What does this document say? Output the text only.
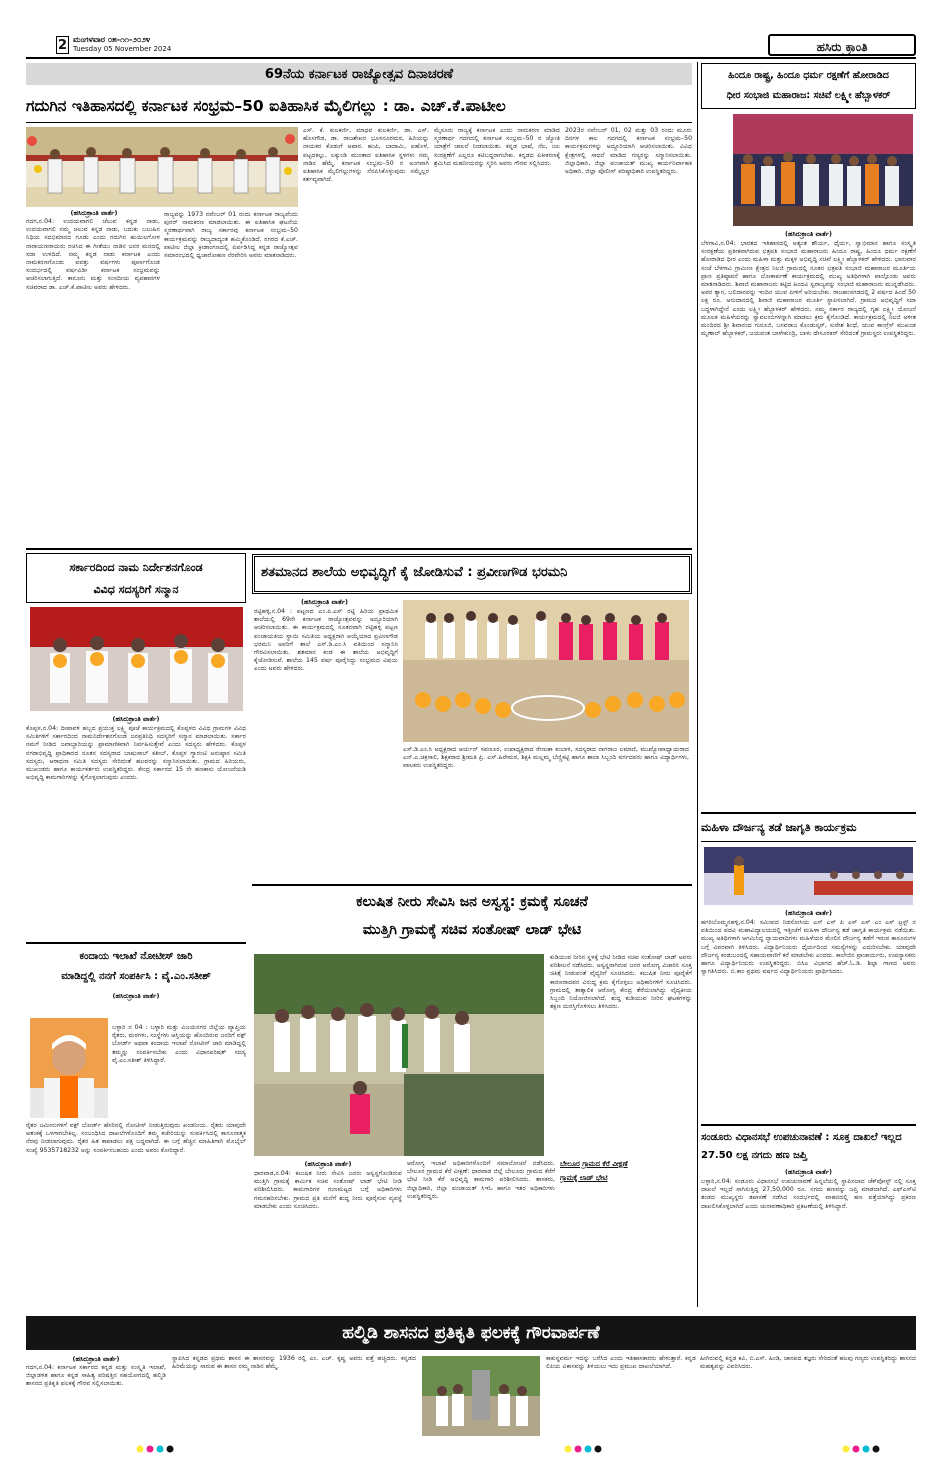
2 ಮಂಗಳವಾರ ೦೫-೧೧-೨೦೨೪
Tuesday 05 November 2024	ಹಸಿರು ಕ್ರಾಂತಿ
69ನೆಯ ಕರ್ನಾಟಕ ರಾಜ್ಯೋತ್ಸವ ದಿನಾಚರಣೆ
ಗದುಗಿನ ಇತಿಹಾಸದಲ್ಲಿ ಕರ್ನಾಟಕ ಸಂಭ್ರಮ–50 ಐತಿಹಾಸಿಕ ಮೈಲಿಗಲ್ಲು : ಡಾ. ಎಚ್.ಕೆ.ಪಾಟೀಲ
(ಹಸಿರುಕ್ರಾಂತಿ ವಾರ್ತೆ)
ಗದಗ,ನ.04: ಉದಯವಾಗಲಿ ಚೆಲುವ ಕನ್ನಡ ನಾಡು, ಉದಯವಾಗಲಿ ನಮ್ಮ ಚಲುವ ಕನ್ನಡ ನಾಡು, ಬದುಕು ಬಲುಹಿನ ನಿಧಿಯ ಸದಭಿಮಾನದ ಗೂಡು ಎಂದು ಗದುಗಿನ ಹುಯಿಲಗೋಳ ನಾರಾಯಣರಾಯರು ರಚಿಸಿದ ಈ ಗೀತೆಯು ನಾಡಿನ ಜನರ ಮನದಲ್ಲಿ ಸದಾ ಉಳಿದಿದೆ. ನಮ್ಮ ಕನ್ನಡ ನಾಡು ಕರ್ನಾಟಕ ಎಂದು ನಾಮಕರಣಗೊಂಡು ಐವತ್ತು ವರ್ಷಗಳು ಪೂರ್ಣಗೊಂಡ ಸಂದರ್ಭದಲ್ಲಿ ವರ್ಷವಿಡೀ ಕರ್ನಾಟಕ ಸಂಭ್ರಮವನ್ನು ಆಚರಿಸಲಾಗುತ್ತಿದೆ. ಕಾನೂನು ಮತ್ತು ಸಂಸದೀಯ ವ್ಯವಹಾರಗಳ ಸಚಿವರಾದ ಡಾ. ಎಚ್.ಕೆ.ಪಾಟೀಲ ಅವರು ಹೇಳಿದರು.
ರಾಜ್ಯವನ್ನು 1973 ನವೆಂಬರ್ 01 ರಂದು ಕರ್ನಾಟಕ ರಾಜ್ಯವೆಂದು ಪುನರ್ ನಾಮಕರಣ ಮಾಡಲಾಯಿತು. ಈ ಐತಿಹಾಸಿಕ ಘಟನೆಯ ಸ್ಮರಣಾರ್ಥವಾಗಿ ರಾಜ್ಯ ಸರ್ಕಾರವು ಕರ್ನಾಟಕ ಸಂಭ್ರಮ–50 ಕಾರ್ಯಕ್ರಮವನ್ನು ರಾಜ್ಯದಾದ್ಯಂತ ಹಮ್ಮಿಕೊಂಡಿದೆ. ನಗರದ ಕೆ.ಎಚ್. ಪಾಟೀಲ ಜಿಲ್ಲಾ ಕ್ರೀಡಾಂಗಣದಲ್ಲಿ ಏರ್ಪಡಿಸಿದ್ದ ಕನ್ನಡ ರಾಜ್ಯೋತ್ಸವ ಸಮಾರಂಭದಲ್ಲಿ ಧ್ವಜಾರೋಹಣ ನೆರವೇರಿಸಿ ಅವರು ಮಾತನಾಡಿದರು.
ಎಸ್. ಕೆ. ಕುಲಕರ್ಣಿ, ಮಾಧವ ಕುಲಕರ್ಣಿ, ಡಾ. ಎಸ್. ಹೊಸಗೌಡ, ಡಾ. ರಾಜಶೇಖರ ಭೂಸನೂರಮಠ, ಹಿರಿಯನ್ನು ನಾಯಕರ ಕೊಡುಗೆ ಅಪಾರ. ಹಂಪಿ, ಬಾದಾಮಿ, ಐಹೊಳೆ, ಪಟ್ಟದಕಲ್ಲು, ಲಕ್ಕುಂಡಿ ಮುಂತಾದ ಐತಿಹಾಸಿಕ ಸ್ಥಳಗಳು ನಮ್ಮ ನಾಡಿನ ಹೆಮ್ಮೆ. ಕರ್ನಾಟಕ ಸಂಭ್ರಮ–50 ರ ಅಂಗವಾಗಿ ಐತಿಹಾಸಿಕ ಮೈಲಿಗಲ್ಲುಗಳನ್ನು ನೆನಪಿಸಿಕೊಳ್ಳುವುದು ನಮ್ಮೆಲ್ಲರ ಕರ್ತವ್ಯವಾಗಿದೆ.
ಮೈಸೂರು ರಾಜ್ಯಕ್ಕೆ ಕರ್ನಾಟಕ ಎಂದು ನಾಮಕರಣ ಮಾಡಿದ ಸ್ಮರಣಾರ್ಥ ಗದಗದಲ್ಲಿ ಕರ್ನಾಟಕ ಸಂಭ್ರಮ–50 ರ ಜ್ಯೋತಿ ಯಾತ್ರೆಗೆ ಚಾಲನೆ ನೀಡಲಾಯಿತು. ಕನ್ನಡ ಭಾಷೆ, ನೆಲ, ಜಲ ಸಂರಕ್ಷಣೆಗೆ ಎಲ್ಲರೂ ಕಟಿಬದ್ಧರಾಗಬೇಕು. ಕನ್ನಡದ ಏಕೀಕರಣಕ್ಕೆ ಶ್ರಮಿಸಿದ ಮಹನೀಯರನ್ನು ಸ್ಮರಿಸಿ ಅವರು ಗೌರವ ಸಲ್ಲಿಸಿದರು.
2023ರ ನವೆಂಬರ್ 01, 02 ಮತ್ತು 03 ರಂದು ಮೂರು ದಿನಗಳ ಕಾಲ ಗದಗದಲ್ಲಿ ಕರ್ನಾಟಕ ಸಂಭ್ರಮ–50 ಕಾರ್ಯಕ್ರಮಗಳನ್ನು ಅದ್ದೂರಿಯಾಗಿ ಆಚರಿಸಲಾಯಿತು. ವಿವಿಧ ಕ್ಷೇತ್ರಗಳಲ್ಲಿ ಸಾಧನೆ ಮಾಡಿದ ಗಣ್ಯರನ್ನು ಸನ್ಮಾನಿಸಲಾಯಿತು. ಜಿಲ್ಲಾಧಿಕಾರಿ, ಜಿಲ್ಲಾ ಪಂಚಾಯತ್ ಮುಖ್ಯ ಕಾರ್ಯನಿರ್ವಾಹಕ ಅಧಿಕಾರಿ, ಜಿಲ್ಲಾ ಪೊಲೀಸ್ ವರಿಷ್ಠಾಧಿಕಾರಿ ಉಪಸ್ಥಿತರಿದ್ದರು.
ಹಿಂದೂ ರಾಷ್ಟ್ರ, ಹಿಂದೂ ಧರ್ಮ ರಕ್ಷಣೆಗೆ ಹೋರಾಡಿದ
ಧೀರ ಸಂಭಾಜಿ ಮಹಾರಾಜ: ಸಚಿವೆ ಲಕ್ಷ್ಮೀ ಹೆಬ್ಬಾಳಕರ್
(ಹಸಿರುಕ್ರಾಂತಿ ವಾರ್ತೆ)
ಬೆಳಗಾವಿ,ನ.04: ಭಾರತದ ಇತಿಹಾಸದಲ್ಲಿ ಅತ್ಯಂತ ಶೌರ್ಯ, ಧೈರ್ಯ, ಸ್ವಾಭಿಮಾನ ಹಾಗೂ ಸಂಸ್ಕೃತಿ ಸಂರಕ್ಷಣೆಯ ಪ್ರತೀಕವಾಗಿರುವ ಛತ್ರಪತಿ ಸಂಭಾಜಿ ಮಹಾರಾಜರು ಹಿಂದೂ ರಾಷ್ಟ್ರ, ಹಿಂದೂ ಧರ್ಮ ರಕ್ಷಣೆಗೆ ಹೋರಾಡಿದ ಧೀರ ಎಂದು ಮಹಿಳಾ ಮತ್ತು ಮಕ್ಕಳ ಅಭಿವೃದ್ಧಿ ಸಚಿವೆ ಲಕ್ಷ್ಮೀ ಹೆಬ್ಬಾಳಕರ್ ಹೇಳಿದರು. ಭಾನುವಾರ ಸಂಜೆ ಬೆಳಗಾವಿ ಗ್ರಾಮೀಣ ಕ್ಷೇತ್ರದ ನಿಲಜಿ ಗ್ರಾಮದಲ್ಲಿ ನೂತನ ಛತ್ರಪತಿ ಸಂಭಾಜಿ ಮಹಾರಾಜರ ಮೂರ್ತಿಯ ಪ್ರಾಣ ಪ್ರತಿಷ್ಠಾಪನೆ ಹಾಗೂ ಲೋಕಾರ್ಪಣೆ ಕಾರ್ಯಕ್ರಮದಲ್ಲಿ ಮುಖ್ಯ ಅತಿಥಿಗಳಾಗಿ ಪಾಲ್ಗೊಂಡು ಅವರು ಮಾತನಾಡಿದರು. ಶಿವಾಜಿ ಮಹಾರಾಜರು ಕಟ್ಟಿದ ಹಿಂದವಿ ಸ್ವರಾಜ್ಯವನ್ನು ಸಂಭಾಜಿ ಮಹಾರಾಜರು ಮುನ್ನಡೆಸಿದರು. ಅವರ ತ್ಯಾಗ, ಬಲಿದಾನವನ್ನು ಇಂದಿನ ಯುವ ಪೀಳಿಗೆ ಅರಿಯಬೇಕು. ರಾಜಹಂಸಗಡದಲ್ಲಿ 2 ವರ್ಷದ ಹಿಂದೆ 50 ಲಕ್ಷ ರೂ. ಅನುದಾನದಲ್ಲಿ ಶಿವಾಜಿ ಮಹಾರಾಜರ ಮೂರ್ತಿ ಸ್ಥಾಪಿಸಲಾಗಿದೆ. ಗ್ರಾಮದ ಅಭಿವೃದ್ಧಿಗೆ ಸದಾ ಬದ್ಧಳಾಗಿದ್ದೇನೆ ಎಂದು ಲಕ್ಷ್ಮೀ ಹೆಬ್ಬಾಳಕರ್ ಹೇಳಿದರು. ನಮ್ಮ ಸರ್ಕಾರ ರಾಜ್ಯದಲ್ಲಿ ಗೃಹ ಲಕ್ಷ್ಮೀ ಯೋಜನೆ ಮೂಲಕ ಮಹಿಳೆಯರನ್ನು ಸ್ವಾವಲಂಬಿಗಳನ್ನಾಗಿ ಮಾಡಲು ಕ್ರಮ ಕೈಗೊಂಡಿದೆ. ಕಾರ್ಯಕ್ರಮದಲ್ಲಿ ನಿಲಜಿ ಅಳೀತ ಮಂದಿರದ ಶ್ರೀ ಶಿವಾನಂದ ಗುರೂಜಿ, ಬಸವರಾಜ ಕೊಂಡುಸ್ಕರ್, ಸುರೇಶ ಶಿಂಧೆ, ಯುವ ಕಾಂಗ್ರೆಸ್ ಮುಖಂಡ ಮೃಣಾಲ್ ಹೆಬ್ಬಾಳಕರ್, ಜಯವಂತ ಬಾಳೇಕುಂದ್ರಿ, ಬಾಳು ದೇಸೂರಕರ್ ಸೇರಿದಂತೆ ಗ್ರಾಮಸ್ಥರು ಉಪಸ್ಥಿತರಿದ್ದರು.
ಮಹಿಳಾ ದೌರ್ಜನ್ಯ ತಡೆ ಜಾಗೃತಿ ಕಾರ್ಯಕ್ರಮ
(ಹಸಿರುಕ್ರಾಂತಿ ವಾರ್ತೆ)
ಹಗರಿಬೊಮ್ಮನಹಳ್ಳಿ,ನ.04: ಸಮೀಪದ ನಿಡಸೋಸಿಯ ಎಸ್ ಎಸ್ ಪಿ ಎಸ್ ಎಸ್ ಎಂ ಎಸ್ ಟ್ರಸ್ಟ್ ನ ವತಿಯಿಂದ ಪದವಿ ಮಹಾವಿದ್ಯಾಲಯದಲ್ಲಿ ಇತ್ತೀಚೆಗೆ ಮಹಿಳಾ ದೌರ್ಜನ್ಯ ತಡೆ ಜಾಗೃತಿ ಕಾರ್ಯಕ್ರಮ ನಡೆಯಿತು. ಮುಖ್ಯ ಅತಿಥಿಗಳಾಗಿ ಆಗಮಿಸಿದ್ದ ನ್ಯಾಯವಾದಿಗಳು ಮಹಿಳೆಯರ ಮೇಲಿನ ದೌರ್ಜನ್ಯ ತಡೆಗೆ ಇರುವ ಕಾನೂನುಗಳ ಬಗ್ಗೆ ವಿವರವಾಗಿ ತಿಳಿಸಿದರು. ವಿದ್ಯಾರ್ಥಿನಿಯರು ಧೈರ್ಯದಿಂದ ಸಮಸ್ಯೆಗಳನ್ನು ಎದುರಿಸಬೇಕು. ಯಾವುದೇ ದೌರ್ಜನ್ಯ ಕಂಡುಬಂದಲ್ಲಿ ಸಹಾಯವಾಣಿಗೆ ಕರೆ ಮಾಡಬೇಕು ಎಂದರು. ಕಾಲೇಜಿನ ಪ್ರಾಚಾರ್ಯರು, ಉಪನ್ಯಾಸಕರು ಹಾಗೂ ವಿದ್ಯಾರ್ಥಿನಿಯರು ಉಪಸ್ಥಿತರಿದ್ದರು. ಬಿಸಿಎ ವಿಭಾಗದ ಹೆಚ್.ಓ.ಡಿ. ಶಿಲ್ಪಾ ಗಾಣದ ಅವರು ಸ್ವಾಗತಿಸಿದರು. ಬಿ.ಕಾಂ ಪ್ರಥಮ ವರ್ಷದ ವಿದ್ಯಾರ್ಥಿನಿಯರು ಪ್ರಾರ್ಥಿಸಿದರು.
ಸಂಡೂರು ವಿಧಾನಸಭೆ ಉಪಚುನಾವಣೆ : ಸೂಕ್ತ ದಾಖಲೆ ಇಲ್ಲದ 27.50 ಲಕ್ಷ ನಗದು ಹಣ ಜಪ್ತಿ
(ಹಸಿರುಕ್ರಾಂತಿ ವಾರ್ತೆ)
ಬಳ್ಳಾರಿ,ನ.04: ಸಂಡೂರು ವಿಧಾನಸಭೆ ಉಪಚುನಾವಣೆ ಹಿನ್ನಲೆಯಲ್ಲಿ ಸ್ಥಾಪಿಸಲಾದ ಚೆಕ್‍ಪೋಸ್ಟ್ ನಲ್ಲಿ ಸೂಕ್ತ ದಾಖಲೆ ಇಲ್ಲದೆ ಸಾಗಿಸುತ್ತಿದ್ದ 27,50,000 ರೂ. ನಗದು ಹಣವನ್ನು ಜಪ್ತಿ ಮಾಡಲಾಗಿದೆ. ಎಫ್‍ಎಸ್‍ಟಿ ತಂಡದ ಮುಖ್ಯಸ್ಥರು ತಪಾಸಣೆ ನಡೆಸಿದ ಸಂದರ್ಭದಲ್ಲಿ ವಾಹನದಲ್ಲಿ ಹಣ ಪತ್ತೆಯಾಗಿದ್ದು ಪ್ರಕರಣ ದಾಖಲಿಸಿಕೊಳ್ಳಲಾಗಿದೆ ಎಂದು ಚುನಾವಣಾಧಿಕಾರಿ ಪ್ರಕಟಣೆಯಲ್ಲಿ ತಿಳಿಸಿದ್ದಾರೆ.
ಸರ್ಕಾರದಿಂದ ನಾಮ ನಿರ್ದೇಶನಗೊಂಡ
ವಿವಿಧ ಸದಸ್ಯರಿಗೆ ಸನ್ಮಾನ
(ಹಸಿರುಕ್ರಾಂತಿ ವಾರ್ತೆ)
ಕೊಪ್ಪಳ,ನ.04: ದೀಪಾವಳಿ ಹಬ್ಬದ ಪ್ರಯುಕ್ತ ಲಕ್ಷ್ಮಿ ಪೂಜೆ ಕಾರ್ಯಕ್ರಮದಲ್ಲಿ ಕೊಪ್ಪಳದ ವಿವಿಧ ಗ್ರಾಮಗಳ ವಿವಿಧ ಸಮಿತಿಗಳಿಗೆ ಸರ್ಕಾರದಿಂದ ನಾಮನಿರ್ದೇಶನಗೊಂಡ ಜನಪ್ರತಿನಿಧಿ ಸದಸ್ಯರಿಗೆ ಸನ್ಮಾನ ಮಾಡಲಾಯಿತು. ಸರ್ಕಾರ ನಮಗೆ ನೀಡಿದ ಜವಾಬ್ದಾರಿಯನ್ನು ಪ್ರಾಮಾಣಿಕವಾಗಿ ನಿರ್ವಹಿಸುತ್ತೇವೆ ಎಂದು ಸದಸ್ಯರು ಹೇಳಿದರು. ಕೊಪ್ಪಳ ನಗರಾಭಿವೃದ್ಧಿ ಪ್ರಾಧಿಕಾರದ ನೂತನ ಸದಸ್ಯರಾದ ಬಾಷುಸಾಬ್ ಕತೀಬ್, ಕೊಪ್ಪಳ ಗ್ಯಾರಂಟಿ ಅನುಷ್ಠಾನ ಸಮಿತಿ ಸದಸ್ಯರು, ಆರಾಧನಾ ಸಮಿತಿ ಸದಸ್ಯರು ಸೇರಿದಂತೆ ಹಲವರನ್ನು ಸನ್ಮಾನಿಸಲಾಯಿತು. ಗ್ರಾಮದ ಹಿರಿಯರು, ಮುಖಂಡರು ಹಾಗೂ ಕಾರ್ಯಕರ್ತರು ಉಪಸ್ಥಿತರಿದ್ದರು. ಕೇಂದ್ರ ಸರ್ಕಾರದ 15 ನೇ ಹಣಕಾಸು ಯೋಜನೆಯಡಿ ಅಭಿವೃದ್ಧಿ ಕಾಮಗಾರಿಗಳನ್ನು ಕೈಗೊಳ್ಳಲಾಗುವುದು ಎಂದರು.
ಕಂದಾಯ ಇಲಾಖೆ ನೋಟೀಸ್ ಜಾರಿ
ಮಾಡಿದ್ದಲ್ಲಿ ನನಗೆ ಸಂಪರ್ಕಿಸಿ : ವೈ.ಎಂ.ಸತೀಶ್
(ಹಸಿರುಕ್ರಾಂತಿ ವಾರ್ತೆ)
ಬಳ್ಳಾರಿ ನ 04 : ಬಳ್ಳಾರಿ ಮತ್ತು ವಿಜಯನಗರ ಜಿಲ್ಲೆಯ ವ್ಯಾಪ್ತಿಯ ರೈತರು, ಮಠಗಳು, ಸಂಸ್ಥೆಗಳು ಆಸ್ತಿಯನ್ನು ಹೊಂದಿರುವ ಜನರಿಗೆ ವಕ್ಫ್ ಬೋರ್ಡ್ ಅಥವಾ ಕಂದಾಯ ಇಲಾಖೆ ನೋಟೀಸ್ ಜಾರಿ ಮಾಡಿದ್ದಲ್ಲಿ ತಮ್ಮನ್ನು ಸಂಪರ್ಕಿಸಬೇಕು ಎಂದು ವಿಧಾನಪರಿಷತ್ ಸದಸ್ಯ ವೈ.ಎಂ.ಸತೀಶ್ ತಿಳಿಸಿದ್ದಾರೆ.
ರೈತರ ಜಮೀನುಗಳಿಗೆ ವಕ್ಫ್ ಬೋರ್ಡ್ ಹೆಸರಿನಲ್ಲಿ ನೋಟೀಸ್ ನೀಡುತ್ತಿರುವುದು ಖಂಡನೀಯ. ರೈತರು ಯಾವುದೇ ಆತಂಕಕ್ಕೆ ಒಳಗಾಗಬೇಕಿಲ್ಲ. ಸಂಬಂಧಿಸಿದ ದಾಖಲೆಗಳೊಂದಿಗೆ ತಮ್ಮ ಕಚೇರಿಯನ್ನು ಸಂಪರ್ಕಿಸಿದಲ್ಲಿ ಕಾನೂನಾತ್ಮಕ ನೆರವು ನೀಡಲಾಗುವುದು. ರೈತರ ಹಿತ ಕಾಪಾಡಲು ಪಕ್ಷ ಬದ್ಧವಾಗಿದೆ. ಈ ಬಗ್ಗೆ ಹೆಚ್ಚಿನ ಮಾಹಿತಿಗಾಗಿ ಮೊಬೈಲ್ ಸಂಖ್ಯೆ 9535718232 ಅನ್ನು ಸಂಪರ್ಕಿಸಬಹುದು ಎಂದು ಅವರು ಕೋರಿದ್ದಾರೆ.
ಶತಮಾನದ ಶಾಲೆಯ ಅಭಿವೃದ್ಧಿಗೆ ಕೈ ಜೋಡಿಸುವೆ : ಪ್ರವೀಣಗೌಡ ಭರಮನಿ
(ಹಸಿರುಕ್ರಾಂತಿ ವಾರ್ತೆ)
ರಟ್ಟಿಹಳ್ಳಿ,ನ.04 : ಪಟ್ಟಣದ ಎಂ.ಪಿ.ಎಸ್ ರಟ್ಟಿ ಹಿರಿಯ ಪ್ರಾಥಮಿಕ ಶಾಲೆಯಲ್ಲಿ 69ನೇ ಕರ್ನಾಟಕ ರಾಜ್ಯೋತ್ಸವವನ್ನು ಅದ್ದೂರಿಯಾಗಿ ಆಚರಿಸಲಾಯಿತು. ಈ ಕಾರ್ಯಕ್ರಮದಲ್ಲಿ ನೂತನವಾಗಿ ರಟ್ಟಿಹಳ್ಳಿ ಪಟ್ಟಣ ಪಂಚಾಯತಿಯ ಸ್ಥಾಯಿ ಸಮಿತಿಯ ಅಧ್ಯಕ್ಷರಾಗಿ ಆಯ್ಕೆಯಾದ ಪ್ರವೀಣಗೌಡ ಭರಮನಿ ಅವರಿಗೆ ಶಾಲೆ ಎಸ್.ಡಿ.ಎಂ.ಸಿ ವತಿಯಿಂದ ಸನ್ಮಾನಿಸಿ ಗೌರವಿಸಲಾಯಿತು. ಶತಮಾನ ಕಂಡ ಈ ಶಾಲೆಯ ಅಭಿವೃದ್ಧಿಗೆ ಕೈಜೋಡಿಸುವೆ. ಶಾಲೆಯ 145 ವರ್ಷ ಪೂರೈಸಿದ್ದು ಸಂಭ್ರಮದ ವಿಷಯ ಎಂದು ಅವರು ಹೇಳಿದರು.
ಎಸ್.ಡಿ.ಎಂ.ಸಿ ಅಧ್ಯಕ್ಷರಾದ ಆರ್ಯನ್ ಸವಣೂರ, ಉಪಾಧ್ಯಕ್ಷರಾದ ರೇಣುಕಾ ಕಂಬಾಳಿ, ಸದಸ್ಯರಾದ ನಾಗರಾಜ ಲಮಾಣಿ, ಮುಖ್ಯೋಪಾಧ್ಯಾಯರಾದ ಎನ್.ಎ.ಚಕ್ರಸಾಲಿ, ಶಿಕ್ಷಕರಾದ ಶ್ರೀಮತಿ ಪ್ರಿ. ಎಸ್.ಹಿರೇಮಠ, ಶಿಕ್ಷಕಿ ಮಲ್ಲಮ್ಮ ಬೆಣ್ಣಿಕಟ್ಟಿ ಹಾಗೂ ಶಾಲಾ ಸಿಬ್ಬಂದಿ ವರ್ಗದವರು ಹಾಗೂ ವಿದ್ಯಾರ್ಥಿಗಳು, ಪಾಲಕರು ಉಪಸ್ಥಿತರಿದ್ದರು.
ಕಲುಷಿತ ನೀರು ಸೇವಿಸಿ ಜನ ಅಸ್ವಸ್ಥ: ಕ್ರಮಕ್ಕೆ ಸೂಚನೆ
ಮುತ್ತಿಗಿ ಗ್ರಾಮಕ್ಕೆ ಸಚಿವ ಸಂತೋಷ್ ಲಾಡ್ ಭೇಟಿ
ಕುಡಿಯುವ ನೀರಿನ ಸ್ಥಳಕ್ಕೆ ಭೇಟಿ ನೀಡಿದ ಸಚಿವ ಸಂತೋಷ್ ಲಾಡ್ ಅವರು ಪರಿಶೀಲನೆ ನಡೆಸಿದರು. ಅಸ್ವಸ್ಥರಾಗಿರುವ ಜನರ ಆರೋಗ್ಯ ವಿಚಾರಿಸಿ ಸೂಕ್ತ ಚಿಕಿತ್ಸೆ ನೀಡುವಂತೆ ವೈದ್ಯರಿಗೆ ಸೂಚಿಸಿದರು. ಕಲುಷಿತ ನೀರು ಪೂರೈಕೆಗೆ ಕಾರಣರಾದವರ ವಿರುದ್ಧ ಕ್ರಮ ಕೈಗೊಳ್ಳಲು ಅಧಿಕಾರಿಗಳಿಗೆ ಸೂಚಿಸಿದರು. ಗ್ರಾಮದಲ್ಲಿ ತಾತ್ಕಾಲಿಕ ಆರೋಗ್ಯ ಕೇಂದ್ರ ತೆರೆಯಲಾಗಿದ್ದು ವೈದ್ಯಕೀಯ ಸಿಬ್ಬಂದಿ ನಿಯೋಜಿಸಲಾಗಿದೆ. ಶುದ್ಧ ಕುಡಿಯುವ ನೀರಿನ ಘಟಕಗಳನ್ನು ತಕ್ಷಣ ದುರಸ್ತಿಗೊಳಿಸಲು ತಿಳಿಸಿದರು.
(ಹಸಿರುಕ್ರಾಂತಿ ವಾರ್ತೆ)
ಧಾರವಾಡ,ನ.04: ಕಲುಷಿತ ನೀರು ಸೇವಿಸಿ ಜನರು ಅಸ್ವಸ್ಥಗೊಂಡಿರುವ ಮುತ್ತಿಗಿ ಗ್ರಾಮಕ್ಕೆ ಕಾರ್ಮಿಕ ಸಚಿವ ಸಂತೋಷ್ ಲಾಡ್ ಭೇಟಿ ನೀಡಿ ಪರಿಶೀಲಿಸಿದರು. ಕಾಮಗಾರಿಗಳ ಗುಣಮಟ್ಟದ ಬಗ್ಗೆ ಅಧಿಕಾರಿಗಳು ಗಮನಹರಿಸಬೇಕು. ಗ್ರಾಮದ ಪ್ರತಿ ಮನೆಗೆ ಶುದ್ಧ ನೀರು ಪೂರೈಸುವ ವ್ಯವಸ್ಥೆ ಮಾಡಬೇಕು ಎಂದು ಸೂಚಿಸಿದರು.
ಆರೋಗ್ಯ ಇಲಾಖೆ ಅಧಿಕಾರಿಗಳೊಂದಿಗೆ ಸಮಾಲೋಚನೆ ನಡೆಸಿದರು. ಬೇಲೂರ ಗ್ರಾಮದ ಕೆರೆ ವೀಕ್ಷಣೆ: ಧಾರವಾಡ ಜಿಲ್ಲೆ ಬೇಲೂರು ಗ್ರಾಮದ ಕೆರೆಗೆ ಭೇಟಿ ನೀಡಿ ಕೆರೆ ಅಭಿವೃದ್ಧಿ ಕಾಮಗಾರಿ ಪರಿಶೀಲಿಸಿದರು. ಶಾಸಕರು, ಜಿಲ್ಲಾಧಿಕಾರಿ, ಜಿಲ್ಲಾ ಪಂಚಾಯತ್ ಸಿಇಓ ಹಾಗೂ ಇತರ ಅಧಿಕಾರಿಗಳು ಉಪಸ್ಥಿತರಿದ್ದರು.
ಬೇಲೂರ ಗ್ರಾಮದ ಕೆರೆ ವೀಕ್ಷಣೆ
ಗ್ರಾಮಕ್ಕೆ ಲಾಡ್ ಭೇಟಿ
ಹಲ್ಮಿಡಿ ಶಾಸನದ ಪ್ರತಿಕೃತಿ ಫಲಕಕ್ಕೆ ಗೌರವಾರ್ಪಣೆ
(ಹಸಿರುಕ್ರಾಂತಿ ವಾರ್ತೆ)
ಗದಗ,ನ.04: ಕರ್ನಾಟಕ ಸರ್ಕಾರದ ಕನ್ನಡ ಮತ್ತು ಸಂಸ್ಕೃತಿ ಇಲಾಖೆ, ಜಿಲ್ಲಾಡಳಿತ ಹಾಗೂ ಕನ್ನಡ ಸಾಹಿತ್ಯ ಪರಿಷತ್ತಿನ ಸಹಯೋಗದಲ್ಲಿ ಹಲ್ಮಿಡಿ ಶಾಸನದ ಪ್ರತಿಕೃತಿ ಫಲಕಕ್ಕೆ ಗೌರವ ಸಲ್ಲಿಸಲಾಯಿತು.
ಸ್ಥಾಪಿಸಿದ ಕನ್ನಡದ ಪ್ರಥಮ ಶಾಸನ ಈ ಶಾಸನವನ್ನು 1936 ರಲ್ಲಿ ಎಂ. ಎಚ್. ಕೃಷ್ಣ ಅವರು ಪತ್ತೆ ಹಚ್ಚಿದರು. ಕನ್ನಡದ ಹಿರಿಮೆಯನ್ನು ಸಾರುವ ಈ ಶಾಸನ ನಮ್ಮ ನಾಡಿನ ಹೆಮ್ಮೆ.
ಕಾಕುಸ್ಥವರ್ಮ ಇದನ್ನು ಬರೆಸಿದ ಎಂದು ಇತಿಹಾಸಕಾರರು ಹೇಳುತ್ತಾರೆ. ಕನ್ನಡ ಲಿಪಿಯ ವಿಕಾಸವನ್ನು ತಿಳಿಯಲು ಇದು ಪ್ರಮುಖ ದಾಖಲೆಯಾಗಿದೆ.
ಹೀಗಿರುವಲ್ಲಿ ಕನ್ನಡ ಕವಿ, ಬಿ.ಎಸ್. ಹಿಂಡಿ, ಜಾನಪದ ತಜ್ಞರು ಸೇರಿದಂತೆ ಹಲವು ಗಣ್ಯರು ಉಪಸ್ಥಿತರಿದ್ದು ಶಾಸನದ ಮಹತ್ವವನ್ನು ವಿವರಿಸಿದರು.
